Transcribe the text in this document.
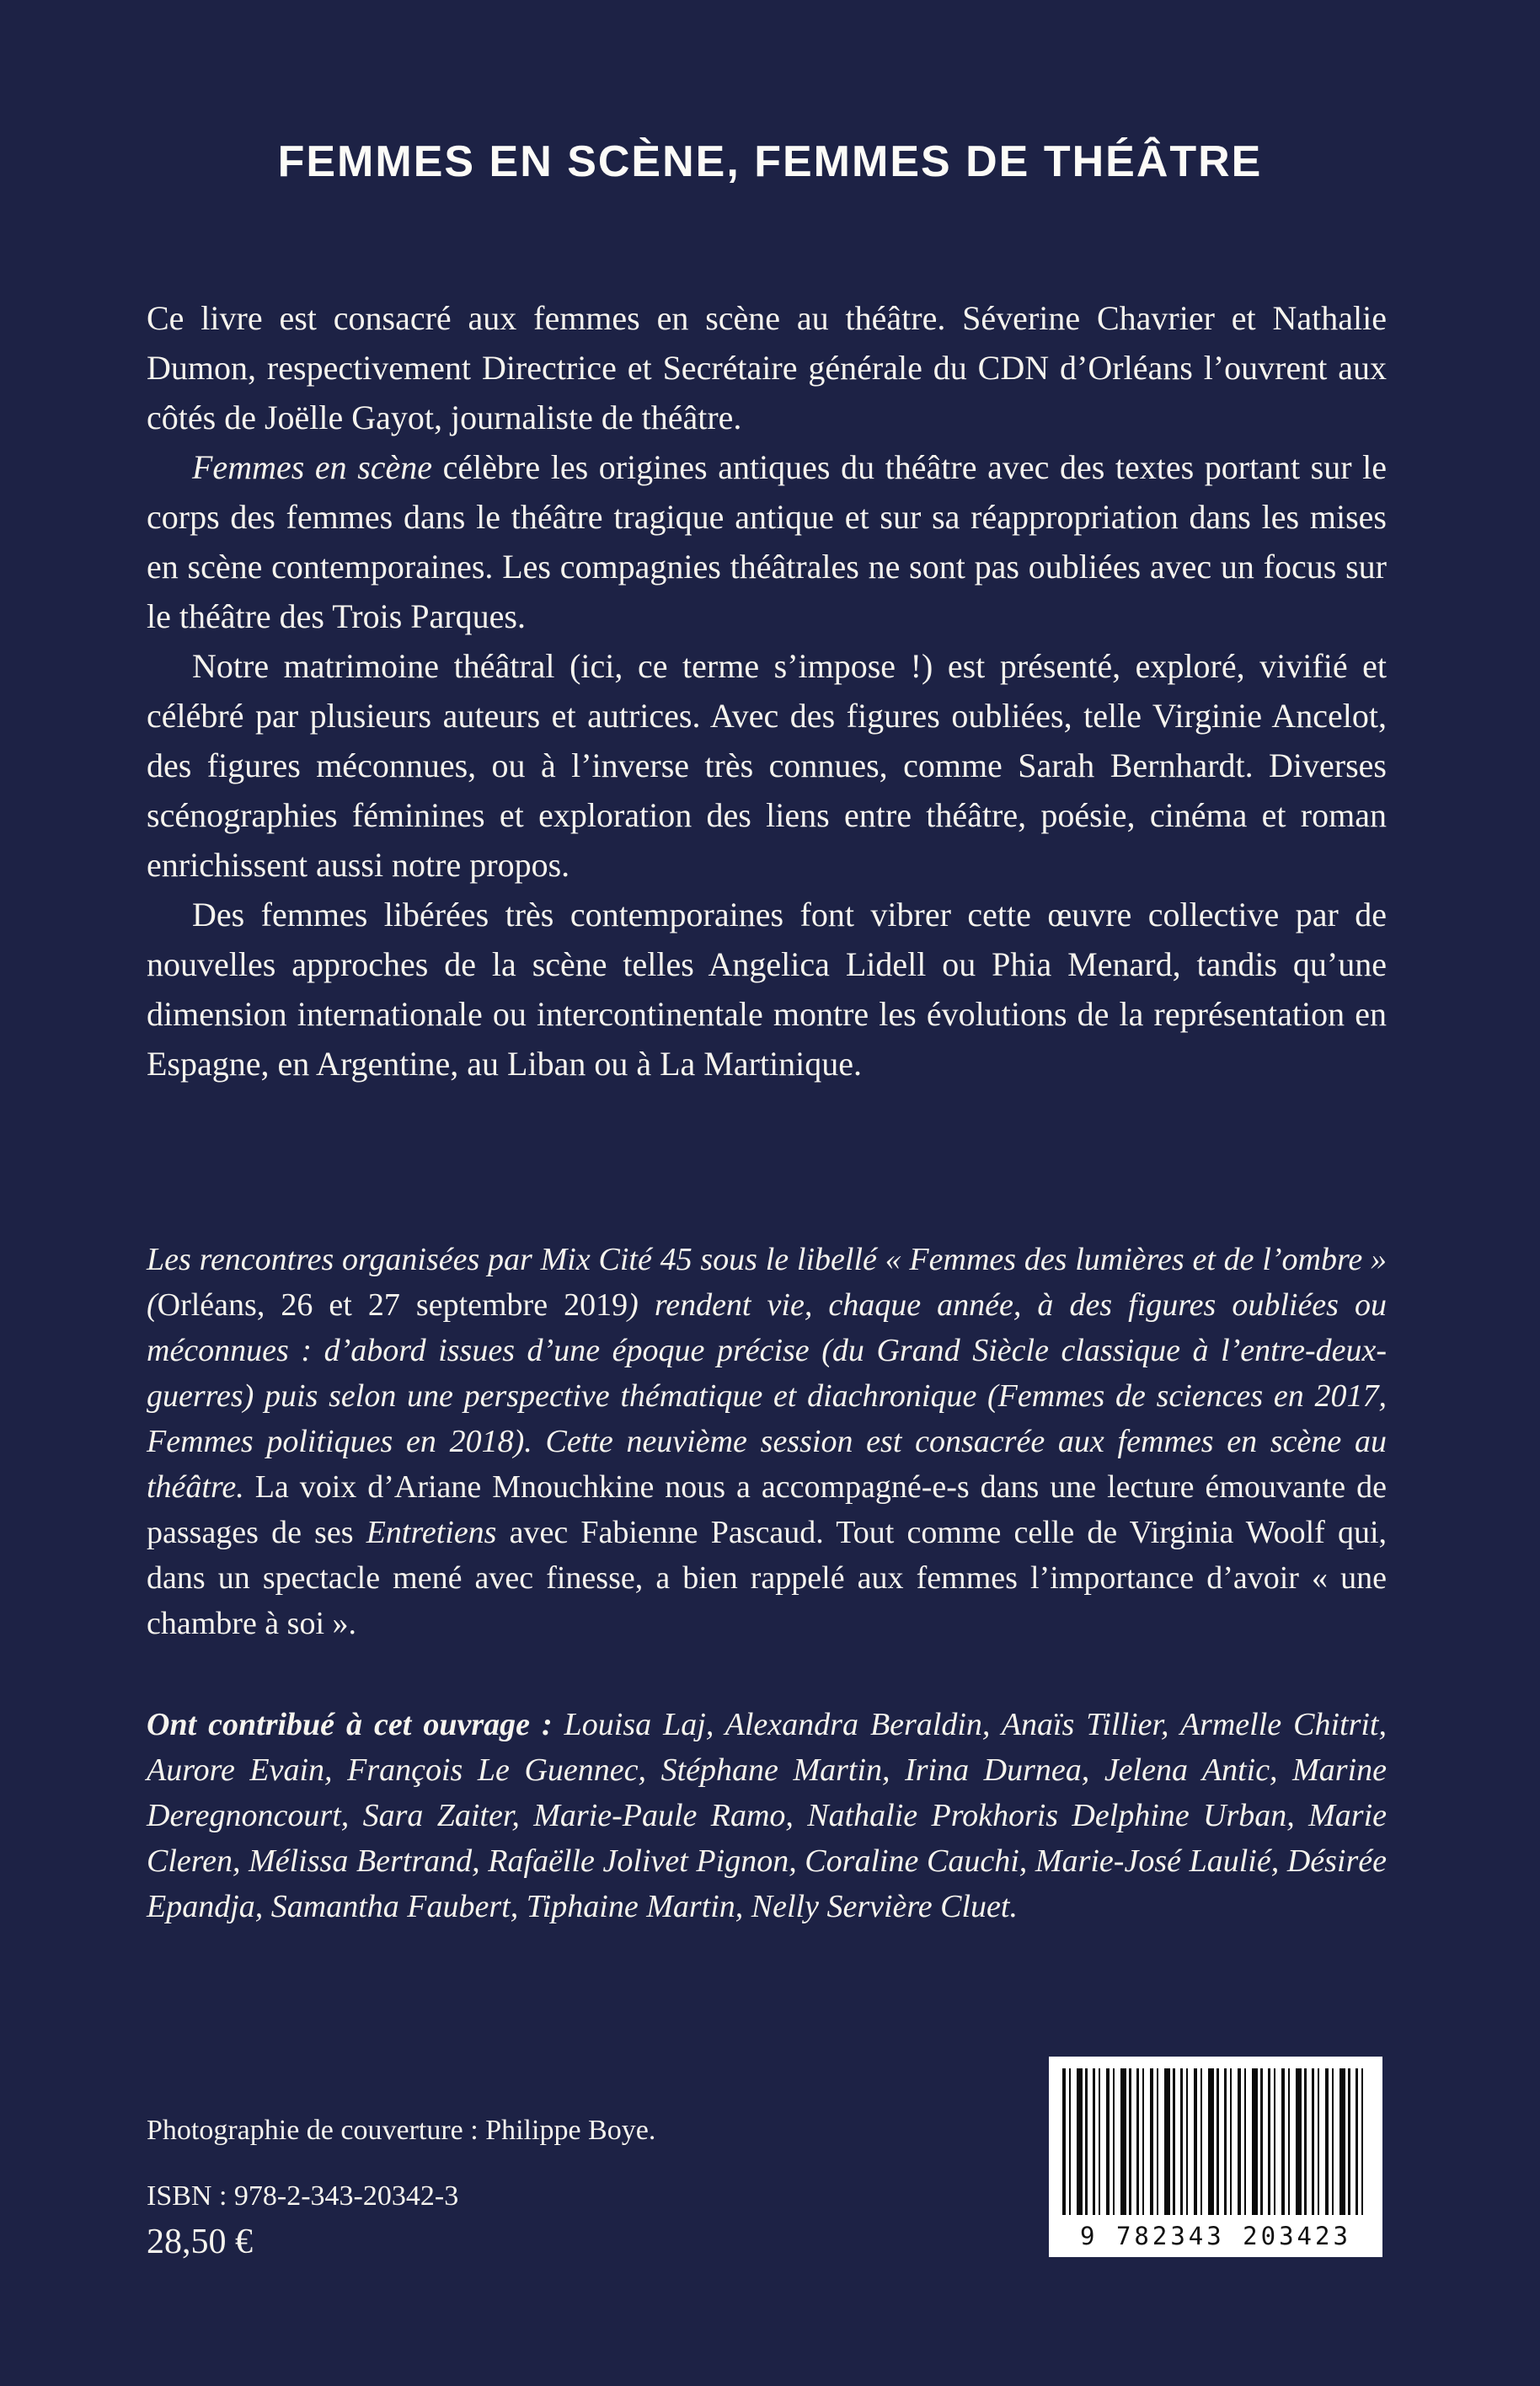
FEMMES EN SCÈNE, FEMMES DE THÉÂTRE

Ce livre est consacré aux femmes en scène au théâtre. Séverine Chavrier et Nathalie Dumon, respectivement Directrice et Secrétaire générale du CDN d’Orléans l’ouvrent aux côtés de Joëlle Gayot, journaliste de théâtre.

Femmes en scène célèbre les origines antiques du théâtre avec des textes portant sur le corps des femmes dans le théâtre tragique antique et sur sa réappropriation dans les mises en scène contemporaines. Les compagnies théâtrales ne sont pas oubliées avec un focus sur le théâtre des Trois Parques.

Notre matrimoine théâtral (ici, ce terme s’impose !) est présenté, exploré, vivifié et célébré par plusieurs auteurs et autrices. Avec des figures oubliées, telle Virginie Ancelot, des figures méconnues, ou à l’inverse très connues, comme Sarah Bernhardt. Diverses scénographies féminines et exploration des liens entre théâtre, poésie, cinéma et roman enrichissent aussi notre propos.

Des femmes libérées très contemporaines font vibrer cette œuvre collective par de nouvelles approches de la scène telles Angelica Lidell ou Phia Menard, tandis qu’une dimension internationale ou intercontinentale montre les évolutions de la représentation en Espagne, en Argentine, au Liban ou à La Martinique.

Les rencontres organisées par Mix Cité 45 sous le libellé « Femmes des lumières et de l’ombre » (Orléans, 26 et 27 septembre 2019) rendent vie, chaque année, à des figures oubliées ou méconnues : d’abord issues d’une époque précise (du Grand Siècle classique à l’entre-deux-guerres) puis selon une perspective thématique et diachronique (Femmes de sciences en 2017, Femmes politiques en 2018). Cette neuvième session est consacrée aux femmes en scène au théâtre. La voix d’Ariane Mnouchkine nous a accompagné-e-s dans une lecture émouvante de passages de ses Entretiens avec Fabienne Pascaud. Tout comme celle de Virginia Woolf qui, dans un spectacle mené avec finesse, a bien rappelé aux femmes l’importance d’avoir « une chambre à soi ».

Ont contribué à cet ouvrage : Louisa Laj, Alexandra Beraldin, Anaïs Tillier, Armelle Chitrit, Aurore Evain, François Le Guennec, Stéphane Martin, Irina Durnea, Jelena Antic, Marine Deregnoncourt, Sara Zaiter, Marie-Paule Ramo, Nathalie Prokhoris Delphine Urban, Marie Cleren, Mélissa Bertrand, Rafaëlle Jolivet Pignon, Coraline Cauchi, Marie-José Laulié, Désirée Epandja, Samantha Faubert, Tiphaine Martin, Nelly Servière Cluet.

Photographie de couverture : Philippe Boye.

ISBN : 978-2-343-20342-3

28,50 €	9 782343 203423
